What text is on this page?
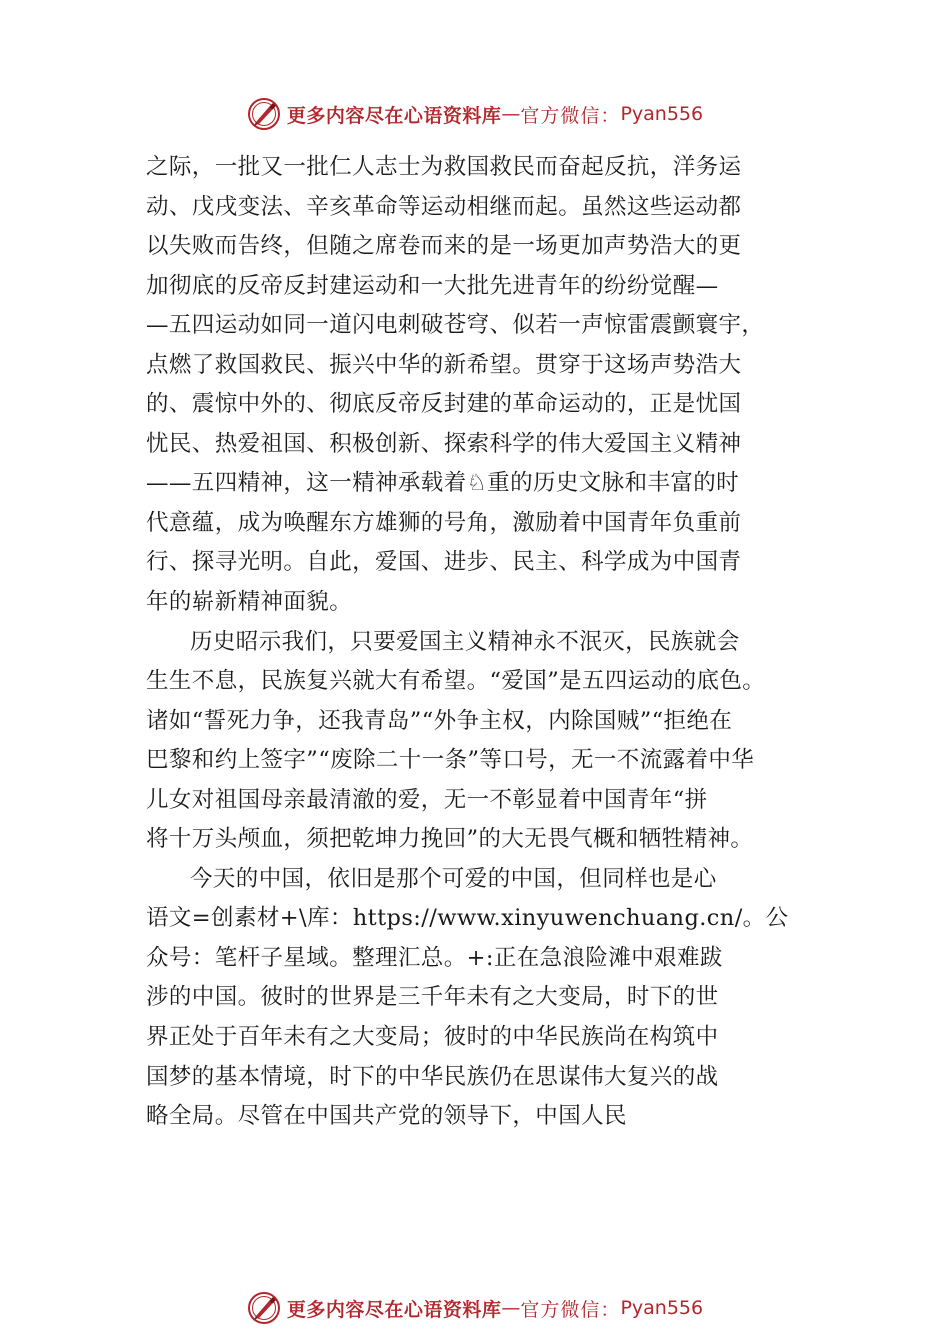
更多内容尽在心语资料库 — 官方微信： Pyan556
之际，一批又一批仁人志士为救国救民而奋起反抗，洋务运
动、戊戌变法、辛亥革命等运动相继而起。虽然这些运动都
以失败而告终，但随之席卷而来的是一场更加声势浩大的更
加彻底的反帝反封建运动和一大批先进青年的纷纷觉醒—
—五四运动如同一道闪电刺破苍穹、似若一声惊雷震颤寰宇，
点燃了救国救民、振兴中华的新希望。贯穿于这场声势浩大
的、震惊中外的、彻底反帝反封建的革命运动的，正是忧国
忧民、热爱祖国、积极创新、探索科学的伟大爱国主义精神
——五四精神，这一精神承载着♘重的历史文脉和丰富的时
代意蕴，成为唤醒东方雄狮的号角，激励着中国青年负重前
行、探寻光明。自此，爱国、进步、民主、科学成为中国青
年的崭新精神面貌。
历史昭示我们，只要爱国主义精神永不泯灭，民族就会
生生不息，民族复兴就大有希望。“爱国”是五四运动的底色。
诸如“誓死力争，还我青岛”“外争主权，内除国贼”“拒绝在
巴黎和约上签字”“废除二十一条”等口号，无一不流露着中华
儿女对祖国母亲最清澈的爱，无一不彰显着中国青年“拼
将十万头颅血，须把乾坤力挽回”的大无畏气概和牺牲精神。
今天的中国，依旧是那个可爱的中国，但同样也是心
语文=创素材+\库：https://www.xinyuwenchuang.cn/。公
众号：笔杆子星域。整理汇总。+:正在急浪险滩中艰难跋
涉的中国。彼时的世界是三千年未有之大变局，时下的世
界正处于百年未有之大变局；彼时的中华民族尚在构筑中
国梦的基本情境，时下的中华民族仍在思谋伟大复兴的战
略全局。尽管在中国共产党的领导下，中国人民
更多内容尽在心语资料库 — 官方微信： Pyan556
